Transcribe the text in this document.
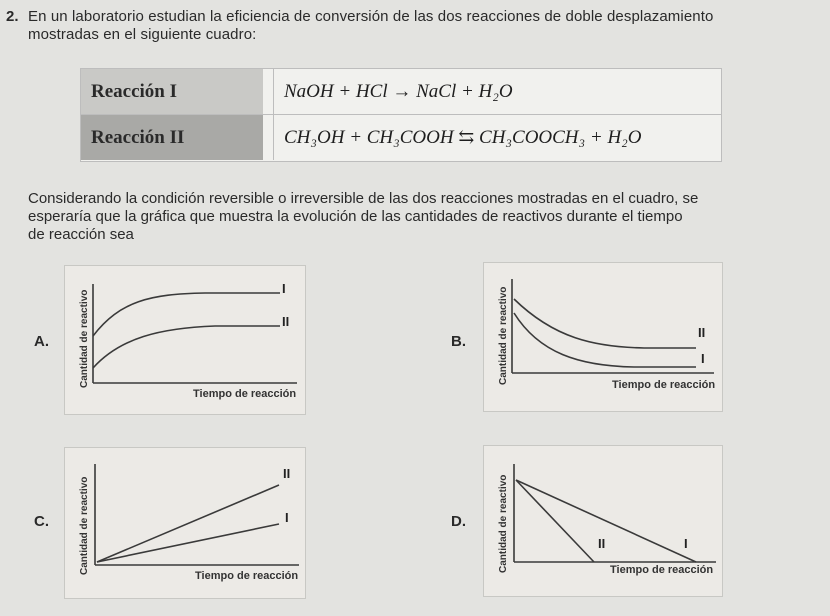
2. En un laboratorio estudian la eficiencia de conversión de las dos reacciones de doble desplazamiento
mostradas en el siguiente cuadro:
Reacción I	NaOH + HCl → NaCl + H₂O
Reacción II	CH₃OH + CH₃COOH ⇆ CH₃COOCH₃ + H₂O
Considerando la condición reversible o irreversible de las dos reacciones mostradas en el cuadro, se
esperaría que la gráfica que muestra la evolución de las cantidades de reactivos durante el tiempo
de reacción sea
A.	Cantidad de reactivo
I
II
Tiempo de reacción
B.	Cantidad de reactivo	II
I
Tiempo de reacción
C.	Cantidad de reactivo
II
I
Tiempo de reacción
D.	Cantidad de reactivo	II	I
Tiempo de reacción
